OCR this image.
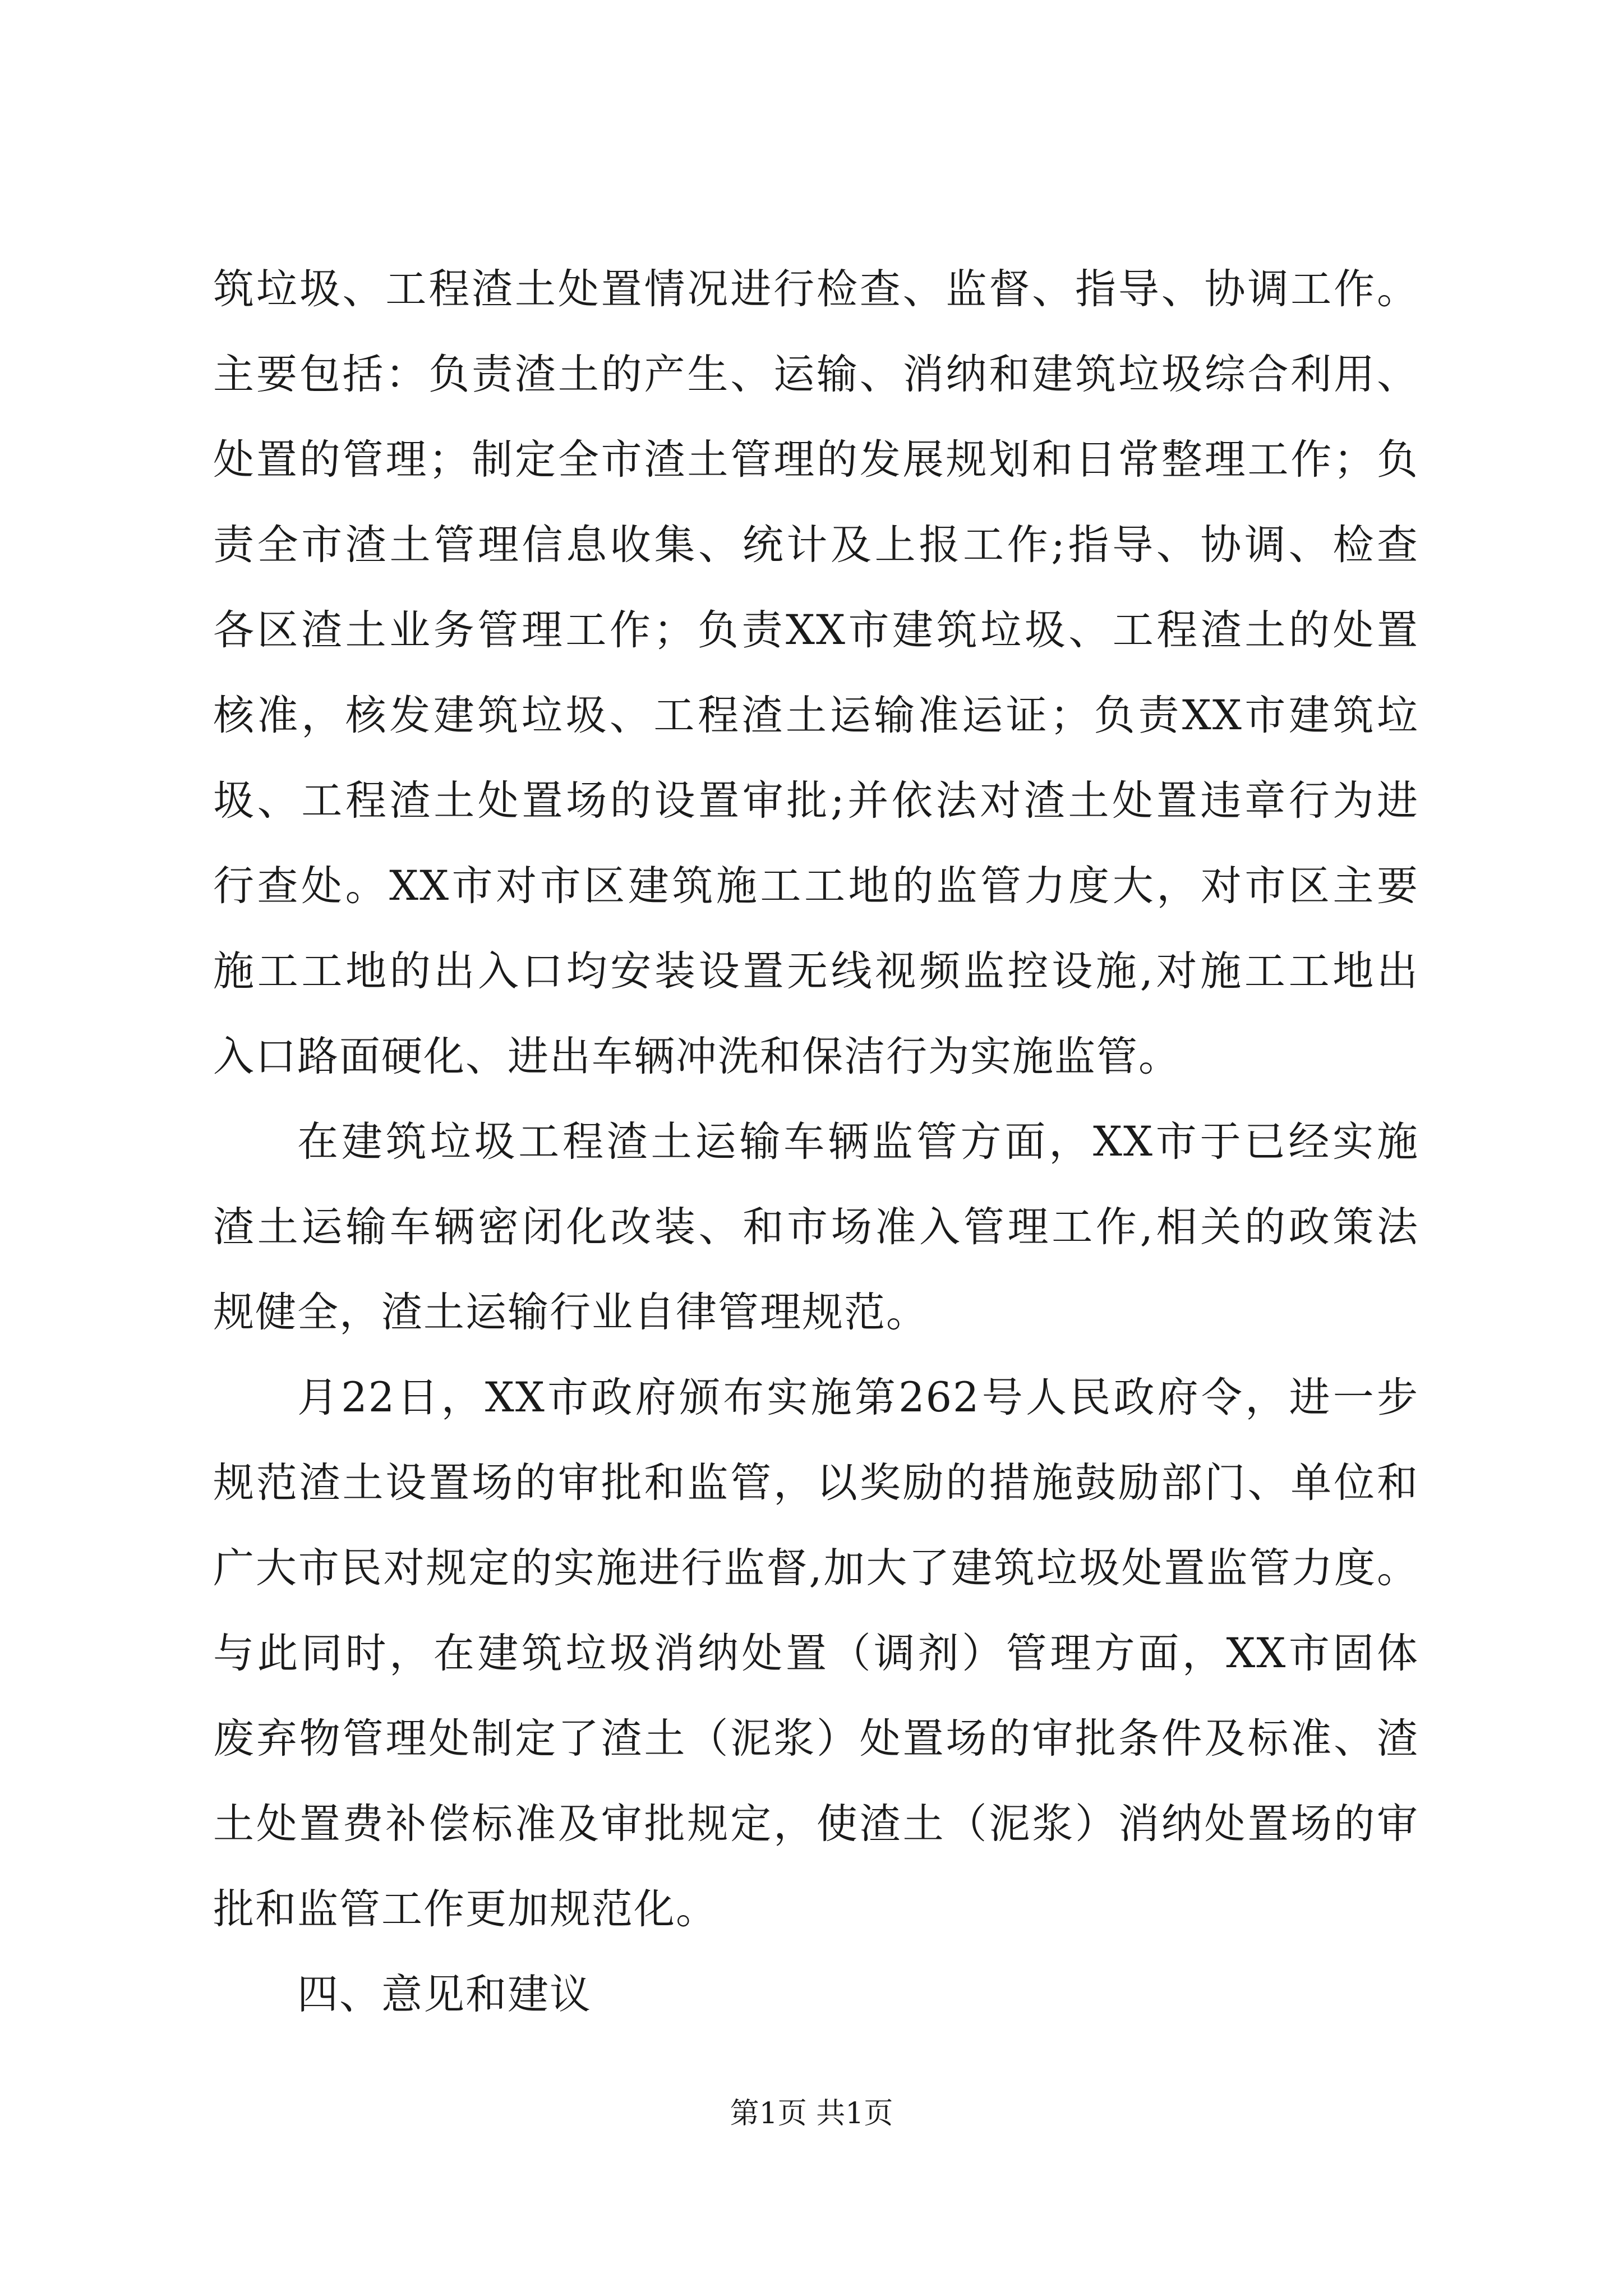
筑垃圾、工程渣土处置情况进行检查、监督、指导、协调工作。
主要包括：负责渣土的产生、运输、消纳和建筑垃圾综合利用、
处置的管理；制定全市渣土管理的发展规划和日常整理工作；负
责全市渣土管理信息收集、统计及上报工作;指导、协调、检查
各区渣土业务管理工作；负责XX市建筑垃圾、工程渣土的处置
核准，核发建筑垃圾、工程渣土运输准运证；负责XX市建筑垃
圾、工程渣土处置场的设置审批;并依法对渣土处置违章行为进
行查处。XX市对市区建筑施工工地的监管力度大，对市区主要
施工工地的出入口均安装设置无线视频监控设施,对施工工地出
入口路面硬化、进出车辆冲洗和保洁行为实施监管。
在建筑垃圾工程渣土运输车辆监管方面，XX市于已经实施
渣土运输车辆密闭化改装、和市场准入管理工作,相关的政策法
规健全，渣土运输行业自律管理规范。
月22日，XX市政府颁布实施第262号人民政府令，进一步
规范渣土设置场的审批和监管，以奖励的措施鼓励部门、单位和
广大市民对规定的实施进行监督,加大了建筑垃圾处置监管力度。
与此同时，在建筑垃圾消纳处置（调剂）管理方面，XX市固体
废弃物管理处制定了渣土（泥浆）处置场的审批条件及标准、渣
土处置费补偿标准及审批规定，使渣土（泥浆）消纳处置场的审
批和监管工作更加规范化。
四、意见和建议
第1页 共1页
